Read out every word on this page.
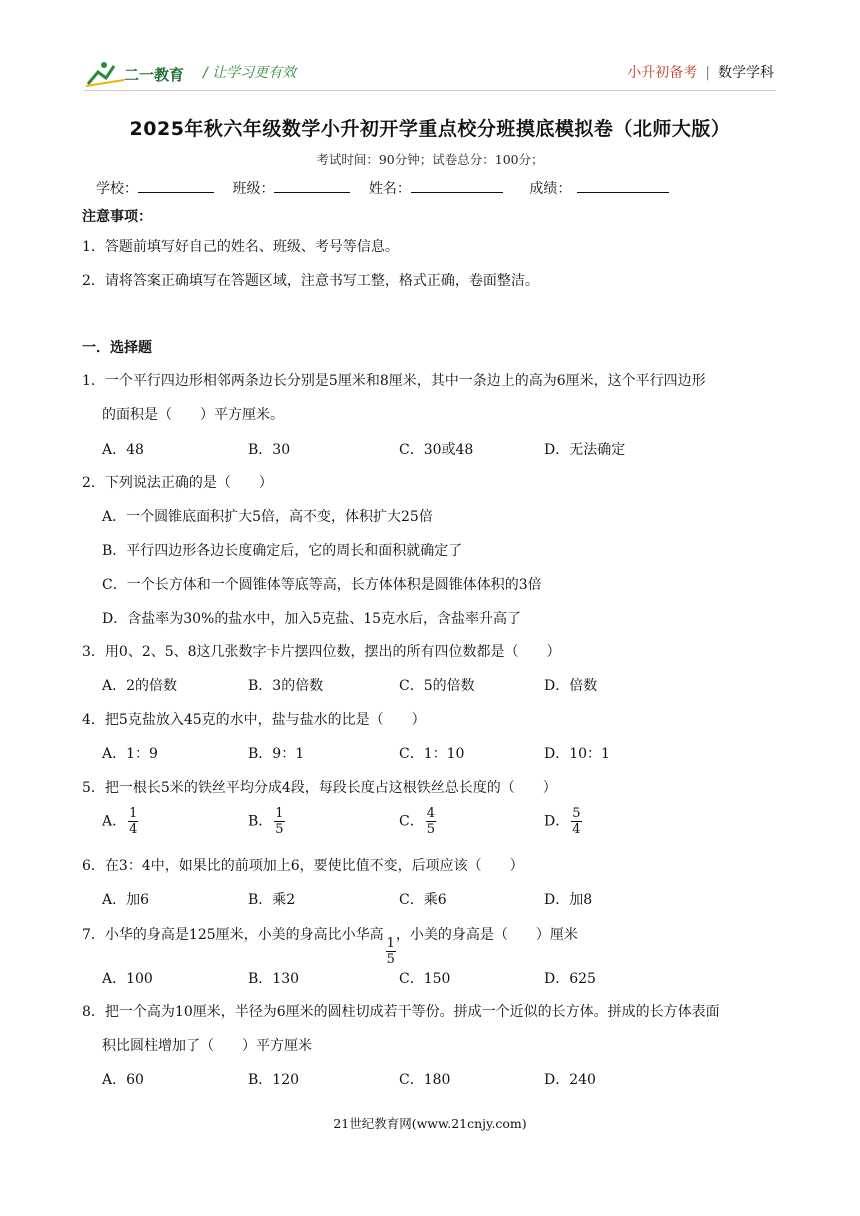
二一教育 / 让学习更有效	小升初备考 | 数学学科
2025年秋六年级数学小升初开学重点校分班摸底模拟卷（北师大版）
考试时间：90分钟；试卷总分：100分；
学校：	班级：	姓名：	成绩：
注意事项：
1．答题前填写好自己的姓名、班级、考号等信息。
2．请将答案正确填写在答题区域，注意书写工整，格式正确，卷面整洁。
一．选择题
1．一个平行四边形相邻两条边长分别是5厘米和8厘米，其中一条边上的高为6厘米，这个平行四边形
的面积是（　　）平方厘米。
A．48	B．30	C．30或48	D．无法确定
2．下列说法正确的是（　　）
A．一个圆锥底面积扩大5倍，高不变，体积扩大25倍
B．平行四边形各边长度确定后，它的周长和面积就确定了
C．一个长方体和一个圆锥体等底等高，长方体体积是圆锥体体积的3倍
D．含盐率为30%的盐水中，加入5克盐、15克水后，含盐率升高了
3．用0、2、5、8这几张数字卡片摆四位数，摆出的所有四位数都是（　　）
A．2的倍数	B．3的倍数	C．5的倍数	D．倍数
4．把5克盐放入45克的水中，盐与盐水的比是（　　）
A．1：9	B．9：1	C．1：10	D．10：1
5．把一根长5米的铁丝平均分成4段，每段长度占这根铁丝总长度的（　　）
A． $\frac{1}{4}$	B． $\frac{1}{5}$	C． $\frac{4}{5}$	D． $\frac{5}{4}$
6．在3：4中，如果比的前项加上6，要使比值不变，后项应该（　　）
A．加6	B．乘2	C．乘6	D．加8
7．小华的身高是125厘米，小美的身高比小华高
$\frac{1}{5}$
，小美的身高是（　　）厘米
A．100	B．130	C．150	D．625
8．把一个高为10厘米，半径为6厘米的圆柱切成若干等份。拼成一个近似的长方体。拼成的长方体表面
积比圆柱增加了（　　）平方厘米
A．60	B．120	C．180	D．240
21世纪教育网(www.21cnjy.com)
